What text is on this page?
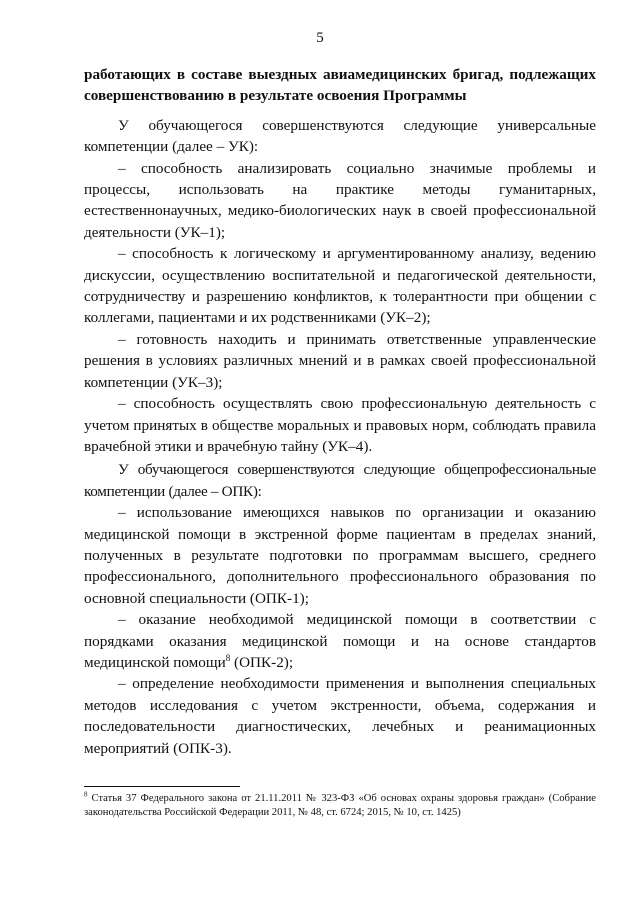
5

работающих в составе выездных авиамедицинских бригад, подлежащих совершенствованию в результате освоения Программы

У обучающегося совершенствуются следующие универсальные компетенции (далее – УК):

– способность анализировать социально значимые проблемы и процессы, использовать на практике методы гуманитарных, естественнонаучных, медико-биологических наук в своей профессиональной деятельности (УК–1);

– способность к логическому и аргументированному анализу, ведению дискуссии, осуществлению воспитательной и педагогической деятельности, сотрудничеству и разрешению конфликтов, к толерантности при общении с коллегами, пациентами и их родственниками (УК–2);

– готовность находить и принимать ответственные управленческие решения в условиях различных мнений и в рамках своей профессиональной компетенции (УК–3);

– способность осуществлять свою профессиональную деятельность с учетом принятых в обществе моральных и правовых норм, соблюдать правила врачебной этики и врачебную тайну (УК–4).

У обучающегося совершенствуются следующие общепрофессиональные компетенции (далее – ОПК):

– использование имеющихся навыков по организации и оказанию медицинской помощи в экстренной форме пациентам в пределах знаний, полученных в результате подготовки по программам высшего, среднего профессионального, дополнительного профессионального образования по основной специальности (ОПК-1);

– оказание необходимой медицинской помощи в соответствии с порядками оказания медицинской помощи и на основе стандартов медицинской помощи$^8$ (ОПК-2);

– определение необходимости применения и выполнения специальных методов исследования с учетом экстренности, объема, содержания и последовательности диагностических, лечебных и реанимационных мероприятий (ОПК-3).

$^8$ Статья 37 Федерального закона от 21.11.2011 № 323-ФЗ «Об основах охраны здоровья граждан» (Собрание законодательства Российской Федерации 2011, № 48, ст. 6724; 2015, № 10, ст. 1425)
